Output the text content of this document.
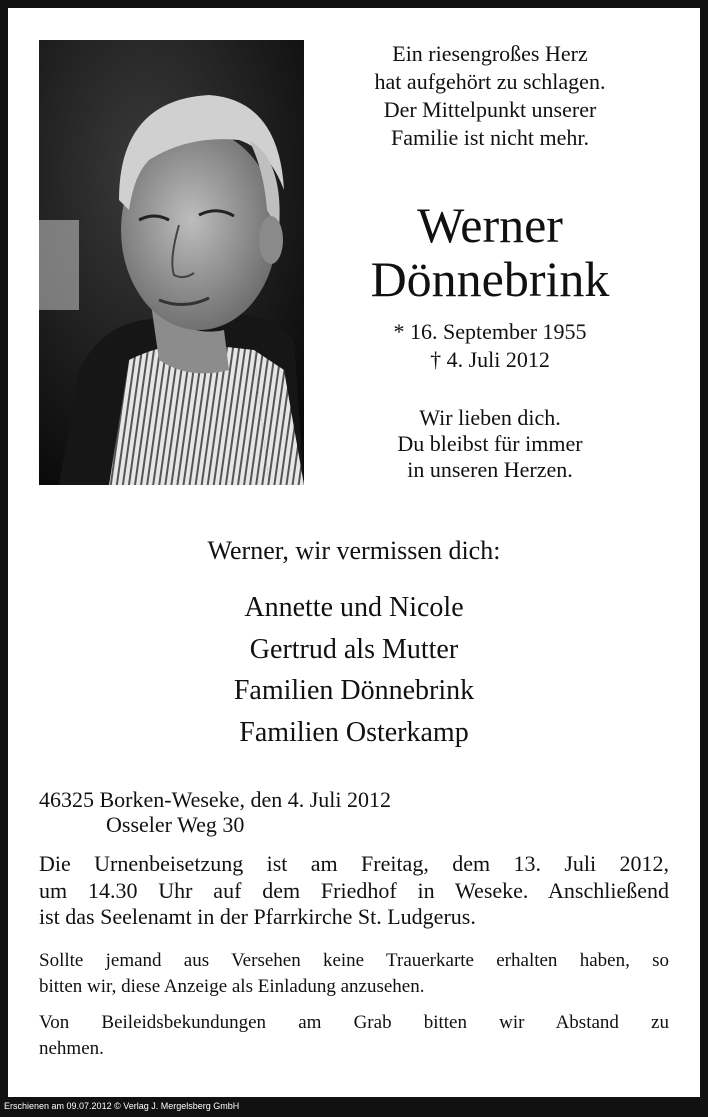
Ein riesengroßes Herz
hat aufgehört zu schlagen.
Der Mittelpunkt unserer
Familie ist nicht mehr.
Werner
Dönnebrink
* 16. September 1955
† 4. Juli 2012
Wir lieben dich.
Du bleibst für immer
in unseren Herzen.
Werner, wir vermissen dich:
Annette und Nicole
Gertrud als Mutter
Familien Dönnebrink
Familien Osterkamp
46325 Borken-Weseke, den 4. Juli 2012
Osseler Weg 30
Die Urnenbeisetzung ist am Freitag, dem 13. Juli 2012,
um 14.30 Uhr auf dem Friedhof in Weseke. Anschließend
ist das Seelenamt in der Pfarrkirche St. Ludgerus.
Sollte jemand aus Versehen keine Trauerkarte erhalten haben, so
bitten wir, diese Anzeige als Einladung anzusehen.
Von Beileidsbekundungen am Grab bitten wir Abstand zu
nehmen.
Erschienen am 09.07.2012 © Verlag J. Mergelsberg GmbH
